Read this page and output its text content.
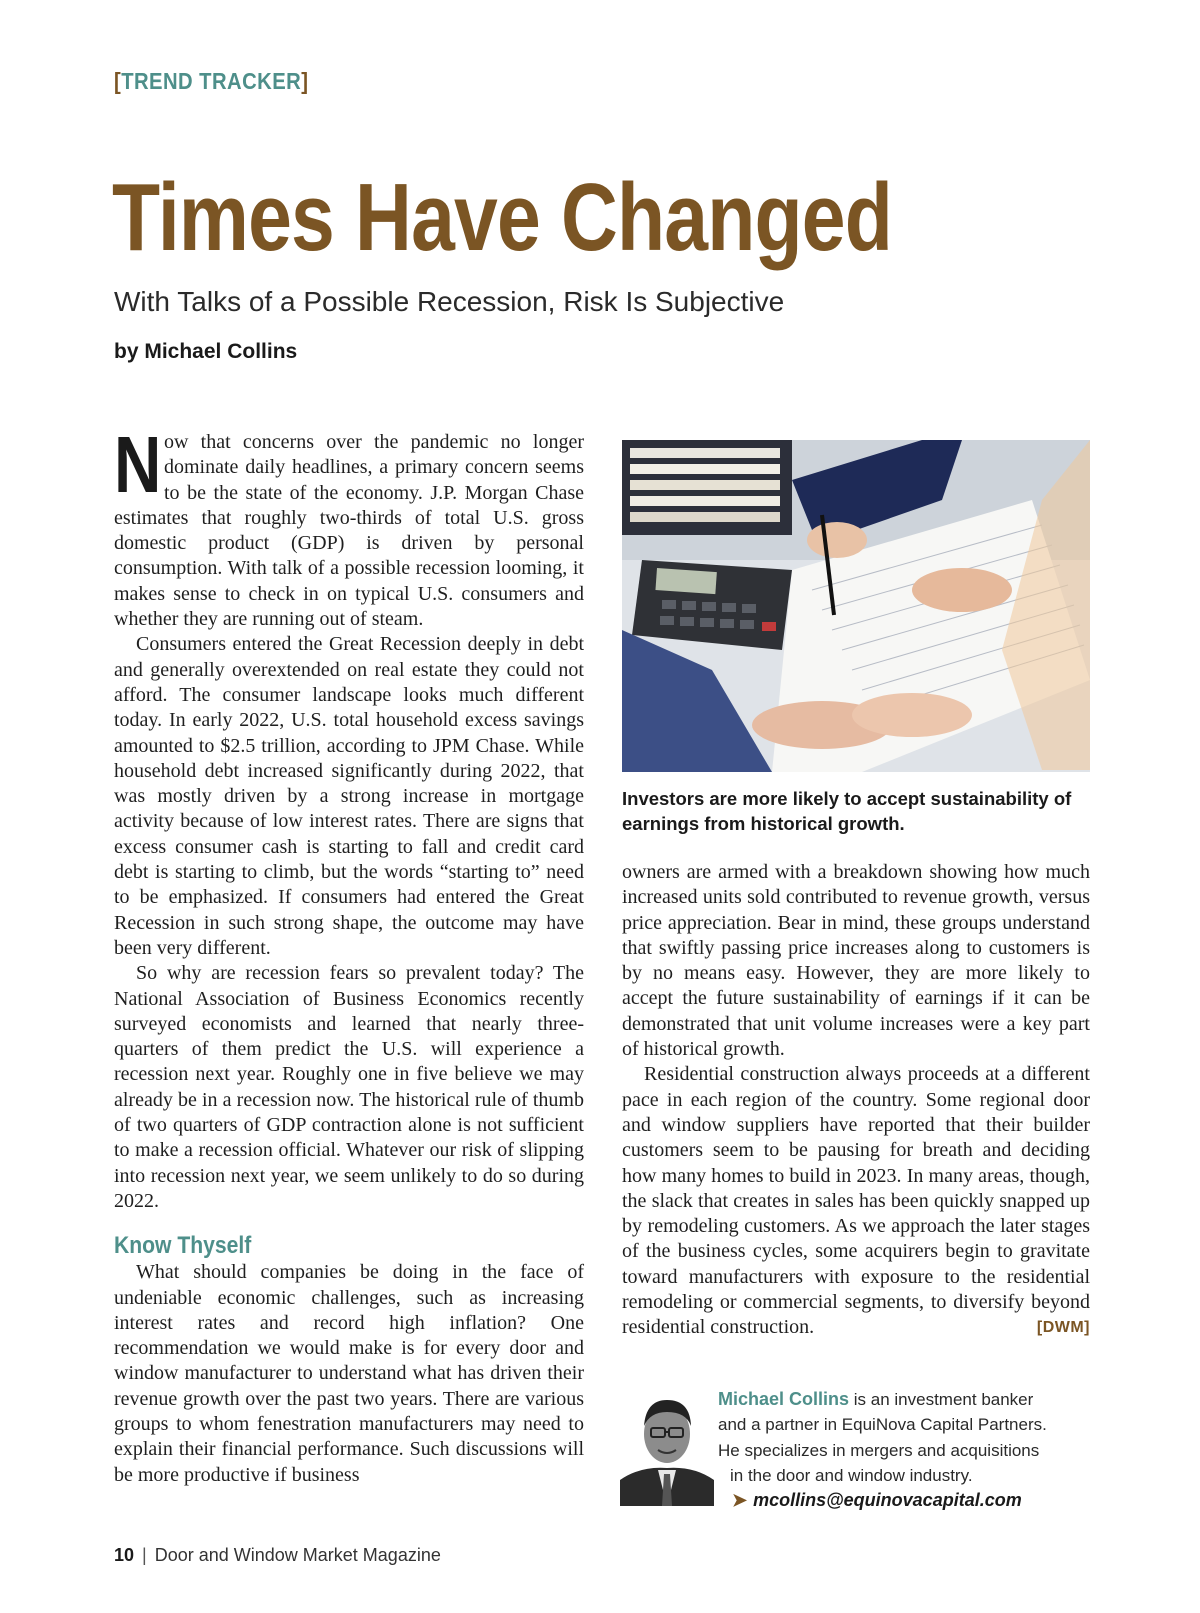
[TREND TRACKER]
Times Have Changed
With Talks of a Possible Recession, Risk Is Subjective
by Michael Collins

Now that concerns over the pandemic no longer dominate daily headlines, a primary concern seems to be the state of the economy. J.P. Morgan Chase estimates that roughly two-thirds of total U.S. gross domestic product (GDP) is driven by personal consumption. With talk of a possible recession looming, it makes sense to check in on typical U.S. consumers and whether they are running out of steam.

Consumers entered the Great Recession deeply in debt and generally overextended on real estate they could not afford. The consumer landscape looks much different today. In early 2022, U.S. total household excess savings amounted to $2.5 trillion, according to JPM Chase. While household debt increased significantly during 2022, that was mostly driven by a strong increase in mortgage activity because of low interest rates. There are signs that excess consumer cash is starting to fall and credit card debt is starting to climb, but the words “starting to” need to be emphasized. If consumers had entered the Great Recession in such strong shape, the outcome may have been very different.

So why are recession fears so prevalent today? The National Association of Business Economics recently surveyed economists and learned that nearly three-quarters of them predict the U.S. will experience a recession next year. Roughly one in five believe we may already be in a recession now. The historical rule of thumb of two quarters of GDP contraction alone is not sufficient to make a recession official. Whatever our risk of slipping into recession next year, we seem unlikely to do so during 2022.

Know Thyself

What should companies be doing in the face of undeniable economic challenges, such as increasing interest rates and record high inflation? One recommendation we would make is for every door and window manufacturer to understand what has driven their revenue growth over the past two years. There are various groups to whom fenestration manufacturers may need to explain their financial performance. Such discussions will be more productive if business

Investors are more likely to accept sustainability of earnings from historical growth.

owners are armed with a breakdown showing how much increased units sold contributed to revenue growth, versus price appreciation. Bear in mind, these groups understand that swiftly passing price increases along to customers is by no means easy. However, they are more likely to accept the future sustainability of earnings if it can be demonstrated that unit volume increases were a key part of historical growth.

Residential construction always proceeds at a different pace in each region of the country. Some regional door and window suppliers have reported that their builder customers seem to be pausing for breath and deciding how many homes to build in 2023. In many areas, though, the slack that creates in sales has been quickly snapped up by remodeling customers. As we approach the later stages of the business cycles, some acquirers begin to gravitate toward manufacturers with exposure to the residential remodeling or commercial segments, to diversify beyond residential construction.	[DWM]

Michael Collins is an investment banker
and a partner in EquiNova Capital Partners.
He specializes in mergers and acquisitions
in the door and window industry.
➤ mcollins@equinovacapital.com
10 | Door and Window Market Magazine
